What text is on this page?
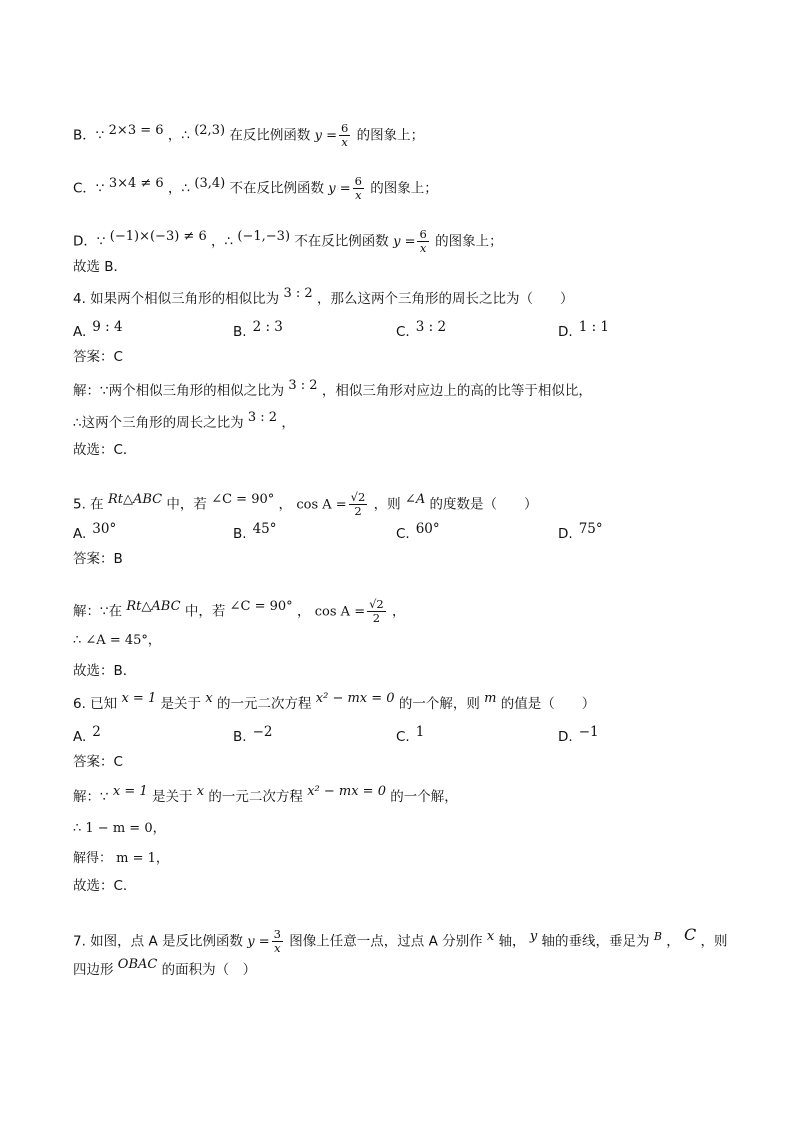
B．∵ 2×3 = 6 ，∴ (2,3) 在反比例函数 $y = \frac{6}{x}$ 的图象上；
C．∵ 3×4 ≠ 6 ，∴ (3,4) 不在反比例函数 $y = \frac{6}{x}$ 的图象上；
D．∵ (−1)×(−3) ≠ 6 ，∴ (−1,−3) 不在反比例函数 $y = \frac{6}{x}$ 的图象上；
故选 B．
4. 如果两个相似三角形的相似比为 3 : 2 ，那么这两个三角形的周长之比为（　　）
A. 9 : 4	B. 2 : 3	C. 3 : 2	D. 1 : 1
答案：C
解：∵两个相似三角形的相似之比为 3 : 2 ，相似三角形对应边上的高的比等于相似比，
∴这两个三角形的周长之比为 3 : 2 ，
故选：C．
5. 在 Rt△ABC 中，若 ∠C = 90° ， $\cos A = \frac{√2}{2}$ ，则 ∠A 的度数是（　　）
A. 30°	B. 45°	C. 60°	D. 75°
答案：B
解：∵在 Rt△ABC 中，若 ∠C = 90° ， $\cos A = \frac{√2}{2}$ ，
∴ ∠A = 45°，
故选：B．
6. 已知 x = 1 是关于 x 的一元二次方程 x² − mx = 0 的一个解，则 m 的值是（　　）
A. 2	B. −2	C. 1	D. −1
答案：C
解：∵ x = 1 是关于 x 的一元二次方程 x² − mx = 0 的一个解，
∴ 1 − m = 0，
解得： m = 1，
故选：C．
7. 如图，点 A 是反比例函数 $y = \frac{3}{x}$ 图像上任意一点，过点 A 分别作 x 轴， y 轴的垂线，垂足为 $^B$ ， C ，则
四边形 OBAC 的面积为（　）
